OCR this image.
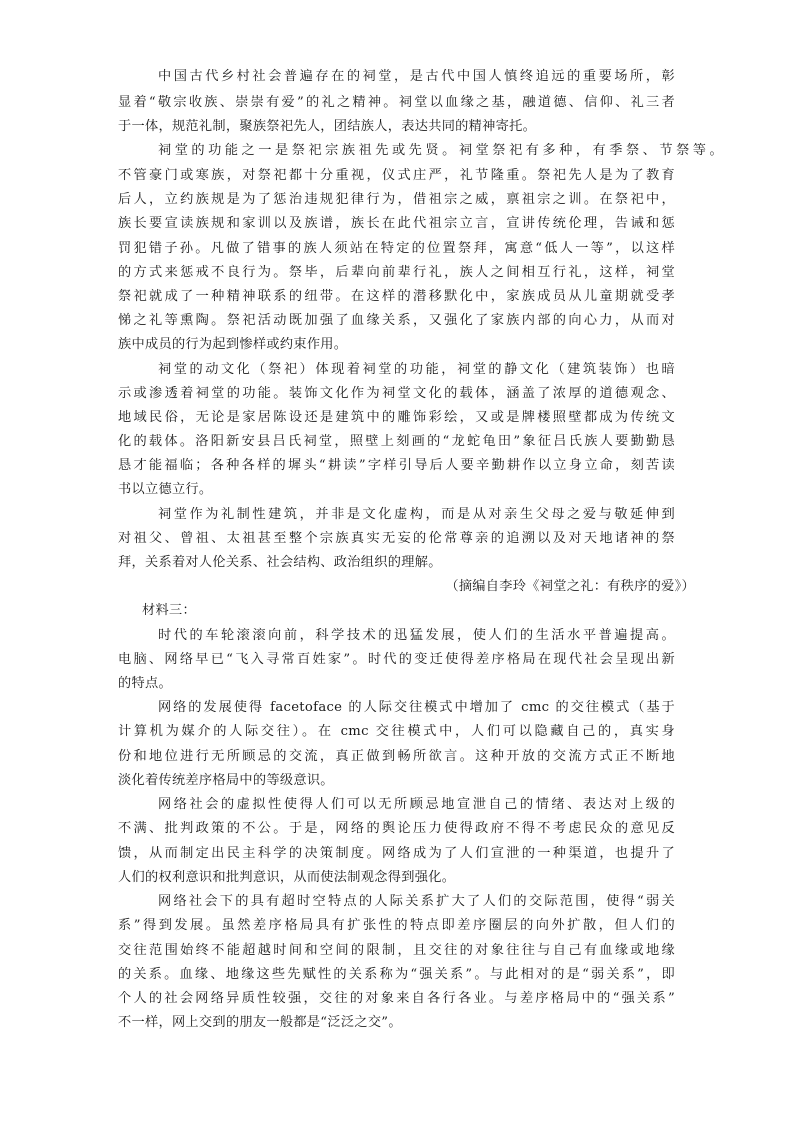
中国古代乡村社会普遍存在的祠堂，是古代中国人慎终追远的重要场所，彰
显着“敬宗收族、崇崇有爱”的礼之精神。祠堂以血缘之基，融道德、信仰、礼三者
于一体，规范礼制，聚族祭祀先人，团结族人，表达共同的精神寄托。
祠堂的功能之一是祭祀宗族祖先或先贤。祠堂祭祀有多种，有季祭、节祭等。
不管豪门或寒族，对祭祀都十分重视，仪式庄严，礼节隆重。祭祀先人是为了教育
后人，立约族规是为了惩治违规犯律行为，借祖宗之威，禀祖宗之训。在祭祀中，
族长要宣读族规和家训以及族谱，族长在此代祖宗立言，宣讲传统伦理，告诫和惩
罚犯错子孙。凡做了错事的族人须站在特定的位置祭拜，寓意“低人一等”，以这样
的方式来惩戒不良行为。祭毕，后辈向前辈行礼，族人之间相互行礼，这样，祠堂
祭祀就成了一种精神联系的纽带。在这样的潜移默化中，家族成员从儿童期就受孝
悌之礼等熏陶。祭祀活动既加强了血缘关系，又强化了家族内部的向心力，从而对
族中成员的行为起到惨样或约束作用。
祠堂的动文化（祭祀）体现着祠堂的功能，祠堂的静文化（建筑装饰）也暗
示或渗透着祠堂的功能。装饰文化作为祠堂文化的载体，涵盖了浓厚的道德观念、
地域民俗，无论是家居陈设还是建筑中的雕饰彩绘，又或是牌楼照壁都成为传统文
化的载体。洛阳新安县吕氏祠堂，照壁上刻画的“龙蛇龟田”象征吕氏族人要勤勤恳
恳才能福临；各种各样的墀头“耕读”字样引导后人要辛勤耕作以立身立命，刻苦读
书以立德立行。
祠堂作为礼制性建筑，并非是文化虚构，而是从对亲生父母之爱与敬延伸到
对祖父、曾祖、太祖甚至整个宗族真实无妄的伦常尊亲的追溯以及对天地诸神的祭
拜，关系着对人伦关系、社会结构、政治组织的理解。
（摘编自李玲《祠堂之礼：有秩序的爱》）
材料三：
时代的车轮滚滚向前，科学技术的迅猛发展，使人们的生活水平普遍提高。
电脑、网络早已“飞入寻常百姓家”。时代的变迁使得差序格局在现代社会呈现出新
的特点。
网络的发展使得 facetoface 的人际交往模式中增加了 cmc 的交往模式（基于
计算机为媒介的人际交往）。在 cmc 交往模式中，人们可以隐藏自己的，真实身
份和地位进行无所顾忌的交流，真正做到畅所欲言。这种开放的交流方式正不断地
淡化着传统差序格局中的等级意识。
网络社会的虚拟性使得人们可以无所顾忌地宣泄自己的情绪、表达对上级的
不满、批判政策的不公。于是，网络的舆论压力使得政府不得不考虑民众的意见反
馈，从而制定出民主科学的决策制度。网络成为了人们宣泄的一种渠道，也提升了
人们的权利意识和批判意识，从而使法制观念得到强化。
网络社会下的具有超时空特点的人际关系扩大了人们的交际范围，使得“弱关
系”得到发展。虽然差序格局具有扩张性的特点即差序圈层的向外扩散，但人们的
交往范围始终不能超越时间和空间的限制，且交往的对象往往与自己有血缘或地缘
的关系。血缘、地缘这些先赋性的关系称为“强关系”。与此相对的是“弱关系”，即
个人的社会网络异质性较强，交往的对象来自各行各业。与差序格局中的“强关系”
不一样，网上交到的朋友一般都是“泛泛之交”。
